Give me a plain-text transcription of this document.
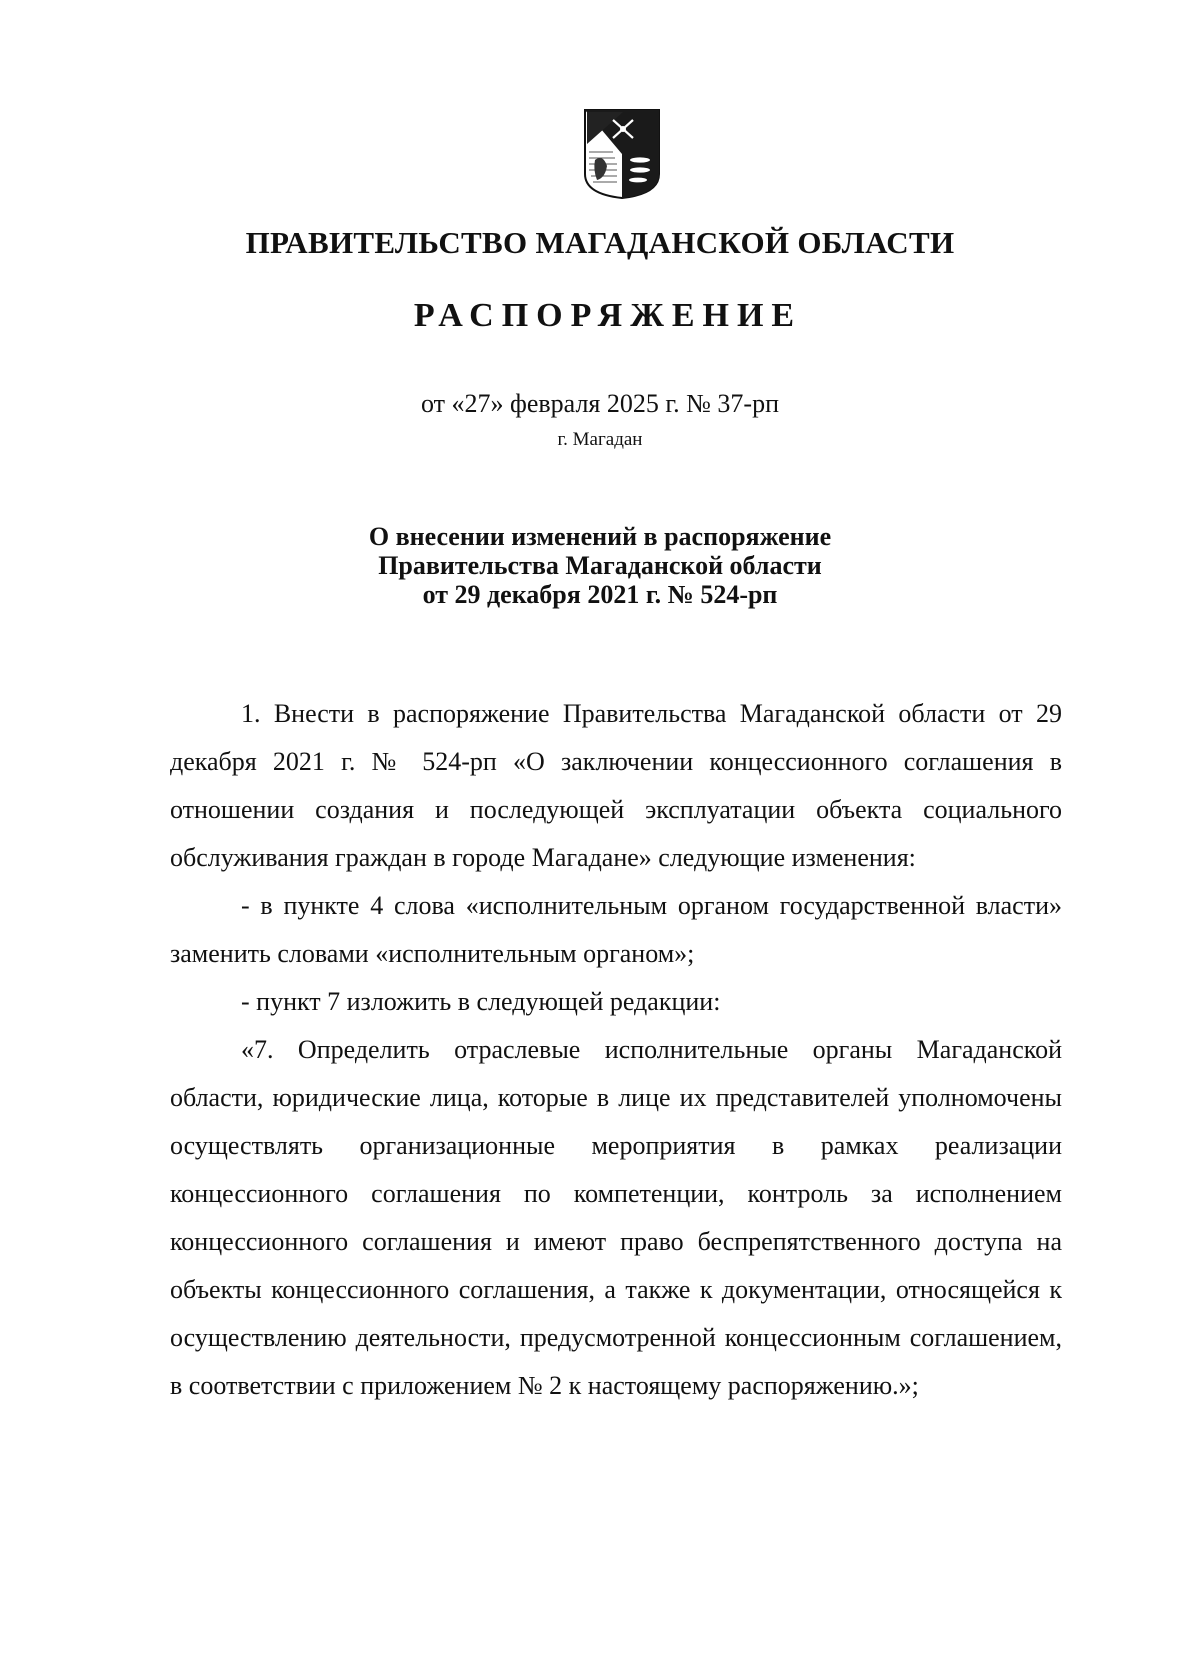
ПРАВИТЕЛЬСТВО МАГАДАНСКОЙ ОБЛАСТИ
РАСПОРЯЖЕНИЕ
от «27» февраля 2025 г. № 37-рп
г. Магадан
О внесении изменений в распоряжение
Правительства Магаданской области
от 29 декабря 2021 г. № 524-рп

1. Внести в распоряжение Правительства Магаданской области от 29 декабря 2021 г. № 524-рп «О заключении концессионного соглашения в отношении создания и последующей эксплуатации объекта социального обслуживания граждан в городе Магадане» следующие изменения:

- в пункте 4 слова «исполнительным органом государственной власти» заменить словами «исполнительным органом»;

- пункт 7 изложить в следующей редакции:

«7. Определить отраслевые исполнительные органы Магаданской области, юридические лица, которые в лице их представителей уполномочены осуществлять организационные мероприятия в рамках реализации концессионного соглашения по компетенции, контроль за исполнением концессионного соглашения и имеют право беспрепятственного доступа на объекты концессионного соглашения, а также к документации, относящейся к осуществлению деятельности, предусмотренной концессионным соглашением, в соответствии с приложением № 2 к настоящему распоряжению.»;
